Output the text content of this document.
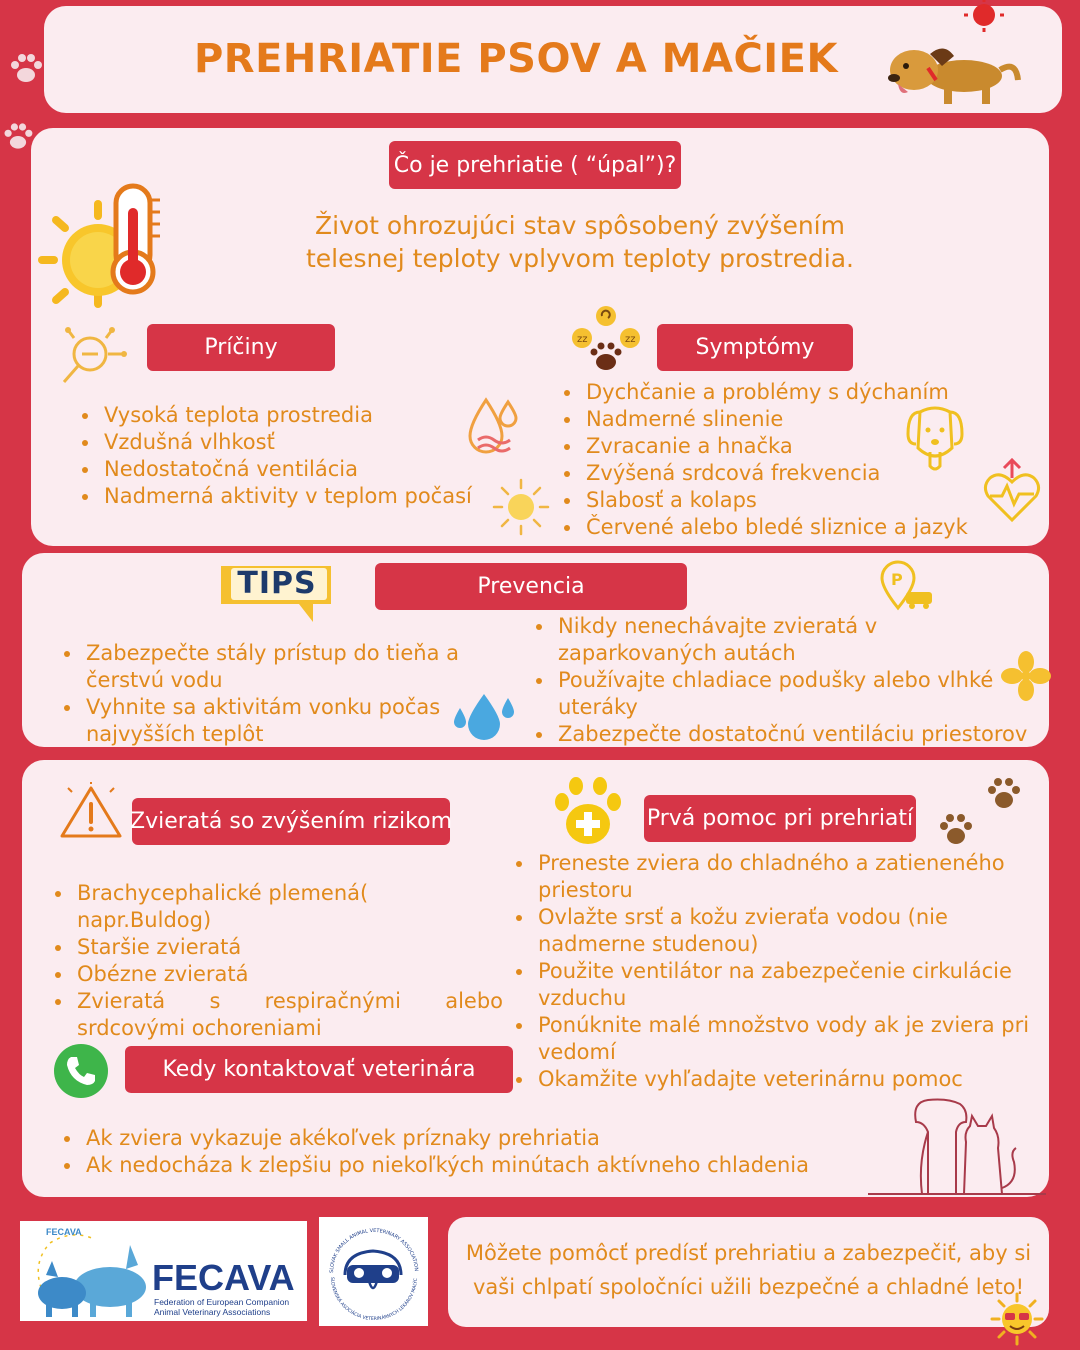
PREHRIATIE PSOV A MAČIEK
Čo je prehriatie ( “úpal”)?
Život ohrozujúci stav spôsobený zvýšením
telesnej teploty vplyvom teploty prostredia.
Príčiny
Vysoká teplota prostredia
Vzdušná vlhkosť
Nedostatočná ventilácia
Nadmerná aktivity v teplom počasí
zz	zz	Symptómy
Dychčanie a problémy s dýchaním
Nadmerné slinenie
Zvracanie a hnačka
Zvýšená srdcová frekvencia
Slabosť a kolaps
Červené alebo bledé sliznice a jazyk
TIPS	Prevencia	P
Zabezpečte stály prístup do tieňa a čerstvú vodu
Vyhnite sa aktivitám vonku počas najvyšších teplôt
Nikdy nenechávajte zvieratá v zaparkovaných autách
Používajte chladiace podušky alebo vlhké uteráky
Zabezpečte dostatočnú ventiláciu priestorov
Zvieratá so zvýšením rizikom
Brachycephalické plemená( napr.Buldog)
Staršie zvieratá
Obézne zvieratá
Zvieratá s respiračnými alebo srdcovými ochoreniami
Prvá pomoc pri prehriatí
Preneste zviera do chladného a zatieneného priestoru
Ovlažte srsť a kožu zvieraťa vodou (nie nadmerne studenou)
Použite ventilátor na zabezpečenie cirkulácie vzduchu
Ponúknite malé množstvo vody ak je zviera pri vedomí
Okamžite vyhľadajte veterinárnu pomoc
Kedy kontaktovať veterinára
Ak zviera vykazuje akékoľvek príznaky prehriatia
Ak nedocháza k zlepšiu po niekoľkých minútach aktívneho chladenia
FECAVA
FECAVA
Federation of European Companion
Animal Veterinary Associations
SLOVAK SMALL ANIMAL VETERINARY ASSOCIATION
SLOVENSKÁ ASOCIÁCIA VETERINÁRNYCH LEKÁROV MALÝC
Môžete pomôcť predísť prehriatiu a zabezpečiť, aby si
vaši chlpatí spoločníci užili bezpečné a chladné leto!
